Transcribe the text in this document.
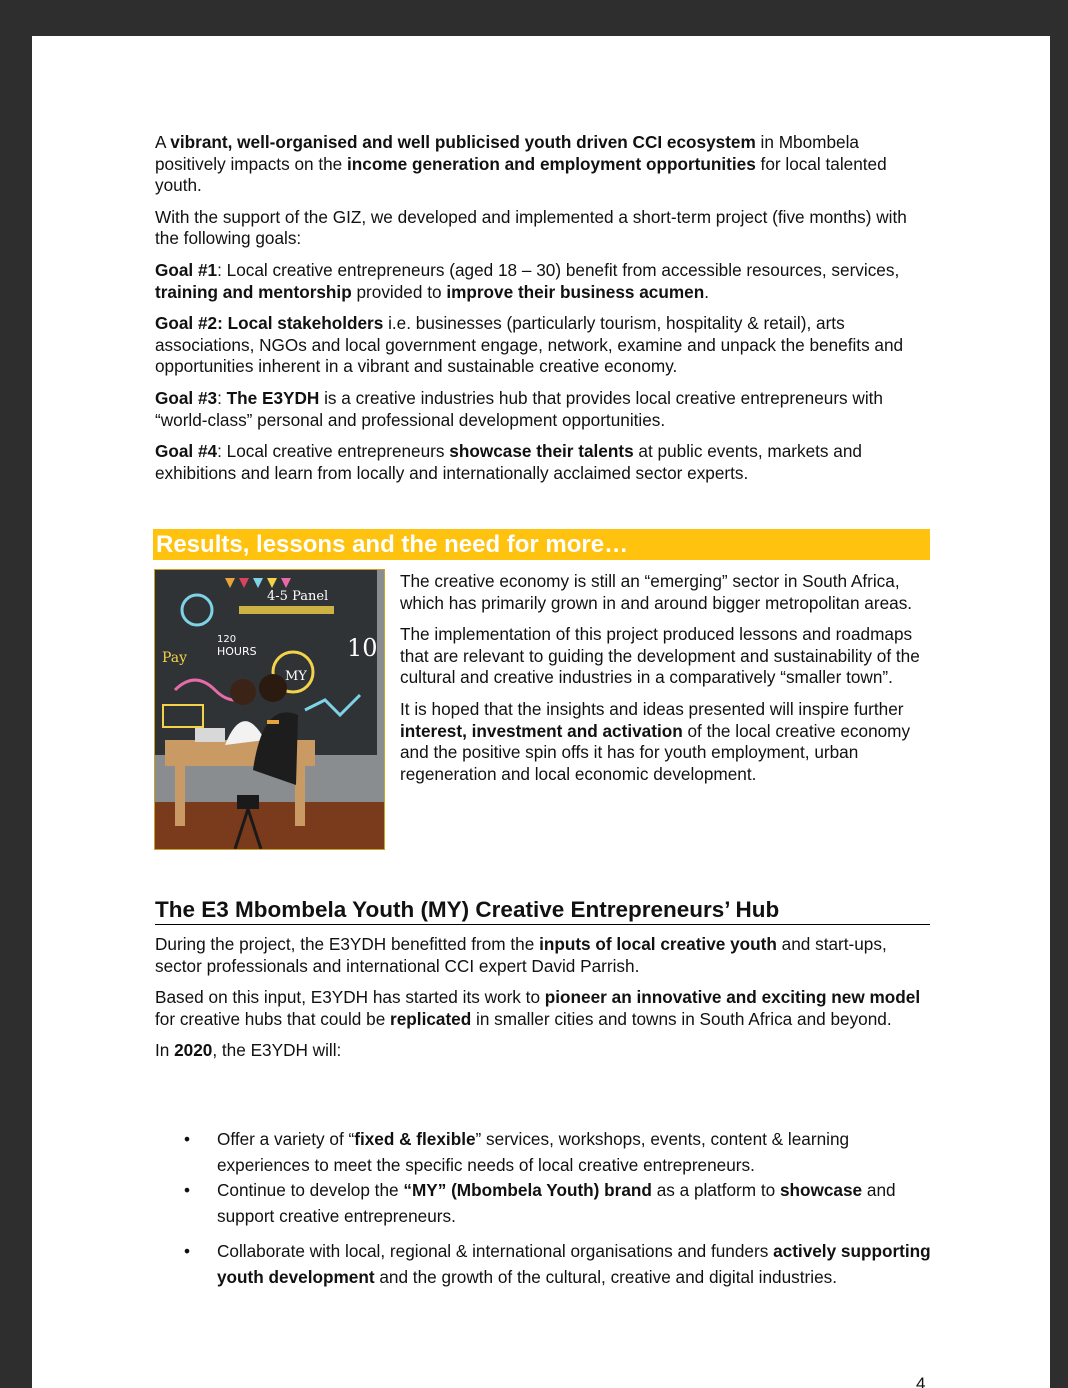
A vibrant, well-organised and well publicised youth driven CCI ecosystem in Mbombela positively impacts on the income generation and employment opportunities for local talented youth.

With the support of the GIZ, we developed and implemented a short-term project (five months) with the following goals:

Goal #1: Local creative entrepreneurs (aged 18 – 30) benefit from accessible resources, services, training and mentorship provided to improve their business acumen.

Goal #2: Local stakeholders i.e. businesses (particularly tourism, hospitality & retail), arts associations, NGOs and local government engage, network, examine and unpack the benefits and opportunities inherent in a vibrant and sustainable creative economy.

Goal #3: The E3YDH is a creative industries hub that provides local creative entrepreneurs with “world-class” personal and professional development opportunities.

Goal #4: Local creative entrepreneurs showcase their talents at public events, markets and exhibitions and learn from locally and internationally acclaimed sector experts.

Results, lessons and the need for more…
4-5 Panel
120
HOURS
Pay
MY
10

The creative economy is still an “emerging” sector in South Africa, which has primarily grown in and around bigger metropolitan areas.

The implementation of this project produced lessons and roadmaps that are relevant to guiding the development and sustainability of the cultural and creative industries in a comparatively “smaller town”.

It is hoped that the insights and ideas presented will inspire further interest, investment and activation of the local creative economy and the positive spin offs it has for youth employment, urban regeneration and local economic development.

The E3 Mbombela Youth (MY) Creative Entrepreneurs’ Hub

During the project, the E3YDH benefitted from the inputs of local creative youth and start-ups, sector professionals and international CCI expert David Parrish.

Based on this input, E3YDH has started its work to pioneer an innovative and exciting new model for creative hubs that could be replicated in smaller cities and towns in South Africa and beyond.

In 2020, the E3YDH will:

• Offer a variety of “fixed & flexible” services, workshops, events, content & learning experiences to meet the specific needs of local creative entrepreneurs.
• Continue to develop the “MY” (Mbombela Youth) brand as a platform to showcase and support creative entrepreneurs.
• Collaborate with local, regional & international organisations and funders actively supporting youth development and the growth of the cultural, creative and digital industries.
4
